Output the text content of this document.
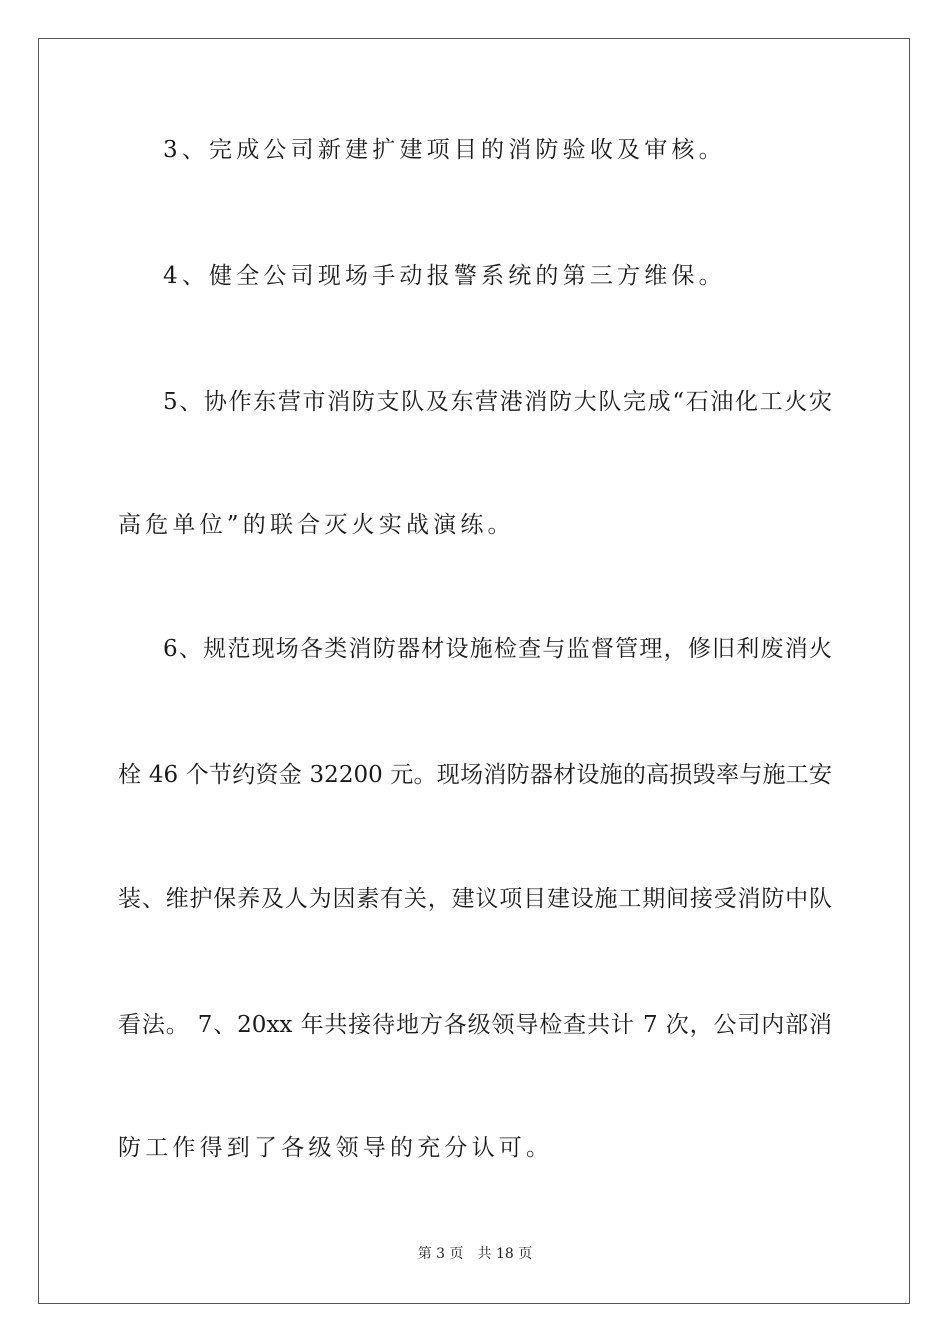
3、完成公司新建扩建项目的消防验收及审核。
4、健全公司现场手动报警系统的第三方维保。
5、协作东营市消防支队及东营港消防大队完成“石油化工火灾
高危单位”的联合灭火实战演练。
6、规范现场各类消防器材设施检查与监督管理，修旧利废消火
栓 46 个节约资金 32200 元。现场消防器材设施的高损毁率与施工安
装、维护保养及人为因素有关，建议项目建设施工期间接受消防中队
看法。 7、20xx 年共接待地方各级领导检查共计 7 次，公司内部消
防工作得到了各级领导的充分认可。
第 3 页　共 18 页
